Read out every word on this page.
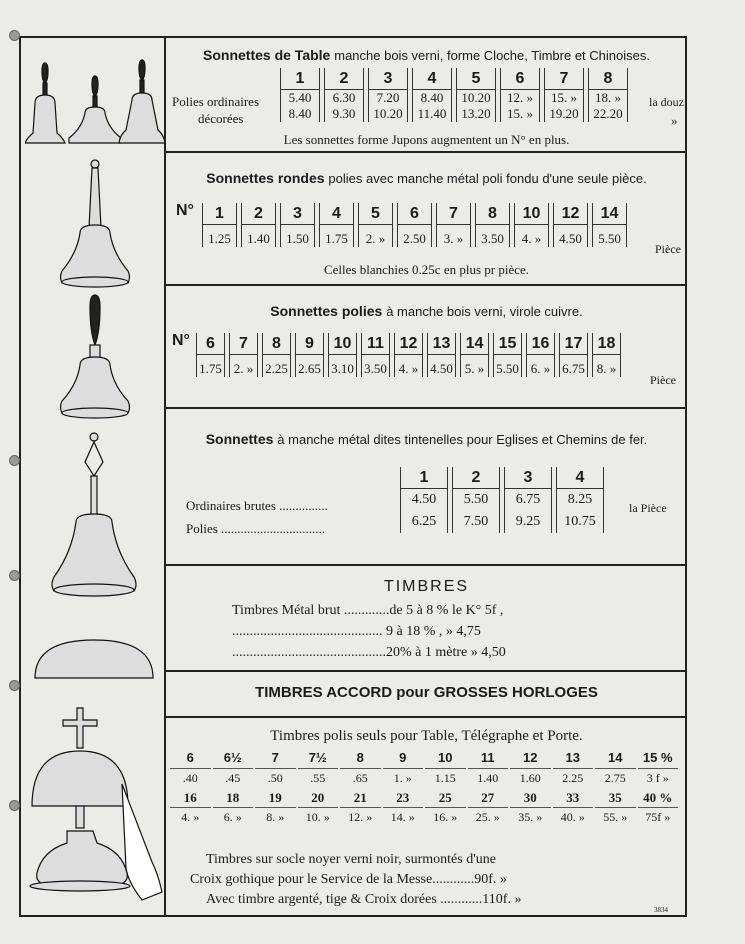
Sonnettes de Table manche bois verni, forme Cloche, Timbre et Chinoises.
Polies ordinaires
décorées
1
5.40
8.40
2
6.30
9.30
3
7.20
10.20
4
8.40
11.40
5
10.20
13.20
6
12. »
15. »
7
15. »
19.20
8
18. »
22.20
la douz.
»
Les sonnettes forme Jupons augmentent un N° en plus.
Sonnettes rondes polies avec manche métal poli fondu d'une seule pièce.
N°	1
1.25
2
1.40
3
1.50
4
1.75
5
2. »
6
2.50
7
3. »
8
3.50
10
4. »
12
4.50
14
5.50
Pièce
Celles blanchies 0.25c en plus pr pièce.
Sonnettes polies à manche bois verni, virole cuivre.
N°	6
1.75
7
2. »
8
2.25
9
2.65
10
3.10
11
3.50
12
4. »
13
4.50
14
5. »
15
5.50
16
6. »
17
6.75
18
8. »
Pièce
Sonnettes à manche métal dites tintenelles pour Eglises et Chemins de fer.
Ordinaires brutes ...............
Polies ................................
1
4.50
6.25
2
5.50
7.50
3
6.75
9.25
4
8.25
10.75
la Pièce
TIMBRES
Timbres Métal brut .............de 5 à 8 % le K° 5f ,
........................................... 9 à 18 % , » 4,75
............................................20% à 1 mètre » 4,50
TIMBRES ACCORD pour GROSSES HORLOGES
Timbres polis seuls pour Table, Télégraphe et Porte.
6
.40
16
4. »
6½
.45
18
6. »
7
.50
19
8. »
7½
.55
20
10. »
8
.65
21
12. »
9
1. »
23
14. »
10
1.15
25
16. »
11
1.40
27
25. »
12
1.60
30
35. »
13
2.25
33
40. »
14
2.75
35
55. »
15 %
3 f »
40 %
75f »
Timbres sur socle noyer verni noir, surmontés d'une
Croix gothique pour le Service de la Messe............90f. »
Avec timbre argenté, tige & Croix dorées ............110f. »
3834
